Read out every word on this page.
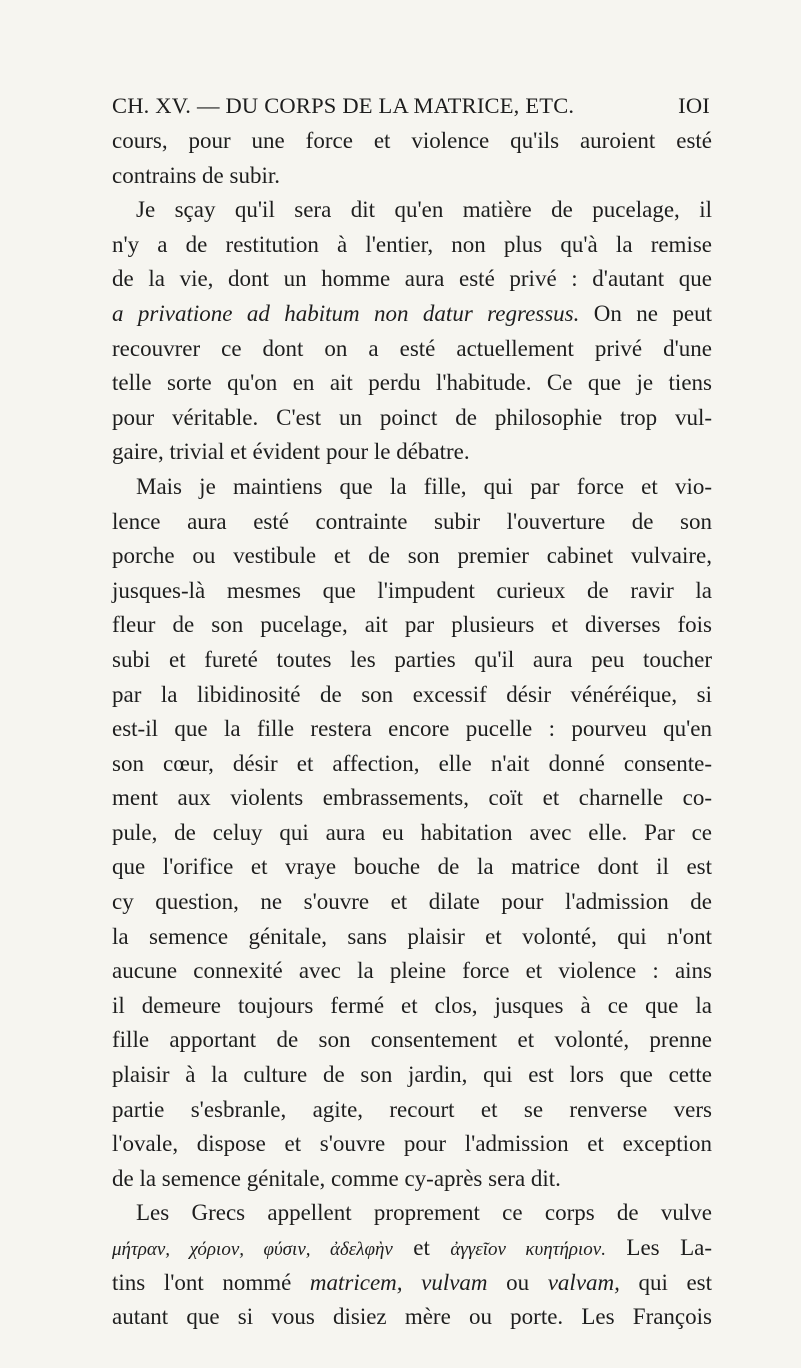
CH. XV. — DU CORPS DE LA MATRICE, ETC.	IOI
cours, pour une force et violence qu'ils auroient esté
contrains de subir.
Je sçay qu'il sera dit qu'en matière de pucelage, il
n'y a de restitution à l'entier, non plus qu'à la remise
de la vie, dont un homme aura esté privé : d'autant que
a privatione ad habitum non datur regressus. On ne peut
recouvrer ce dont on a esté actuellement privé d'une
telle sorte qu'on en ait perdu l'habitude. Ce que je tiens
pour véritable. C'est un poinct de philosophie trop vul-
gaire, trivial et évident pour le débatre.
Mais je maintiens que la fille, qui par force et vio-
lence aura esté contrainte subir l'ouverture de son
porche ou vestibule et de son premier cabinet vulvaire,
jusques-là mesmes que l'impudent curieux de ravir la
fleur de son pucelage, ait par plusieurs et diverses fois
subi et fureté toutes les parties qu'il aura peu toucher
par la libidinosité de son excessif désir vénéréique, si
est-il que la fille restera encore pucelle : pourveu qu'en
son cœur, désir et affection, elle n'ait donné consente-
ment aux violents embrassements, coït et charnelle co-
pule, de celuy qui aura eu habitation avec elle. Par ce
que l'orifice et vraye bouche de la matrice dont il est
cy question, ne s'ouvre et dilate pour l'admission de
la semence génitale, sans plaisir et volonté, qui n'ont
aucune connexité avec la pleine force et violence : ains
il demeure toujours fermé et clos, jusques à ce que la
fille apportant de son consentement et volonté, prenne
plaisir à la culture de son jardin, qui est lors que cette
partie s'esbranle, agite, recourt et se renverse vers
l'ovale, dispose et s'ouvre pour l'admission et exception
de la semence génitale, comme cy-après sera dit.
Les Grecs appellent proprement ce corps de vulve
μήτραν, χόριον, φύσιν, ἀδελφὴν et ἀγγεῖον κυητήριον. Les La-
tins l'ont nommé matricem, vulvam ou valvam, qui est
autant que si vous disiez mère ou porte. Les François
